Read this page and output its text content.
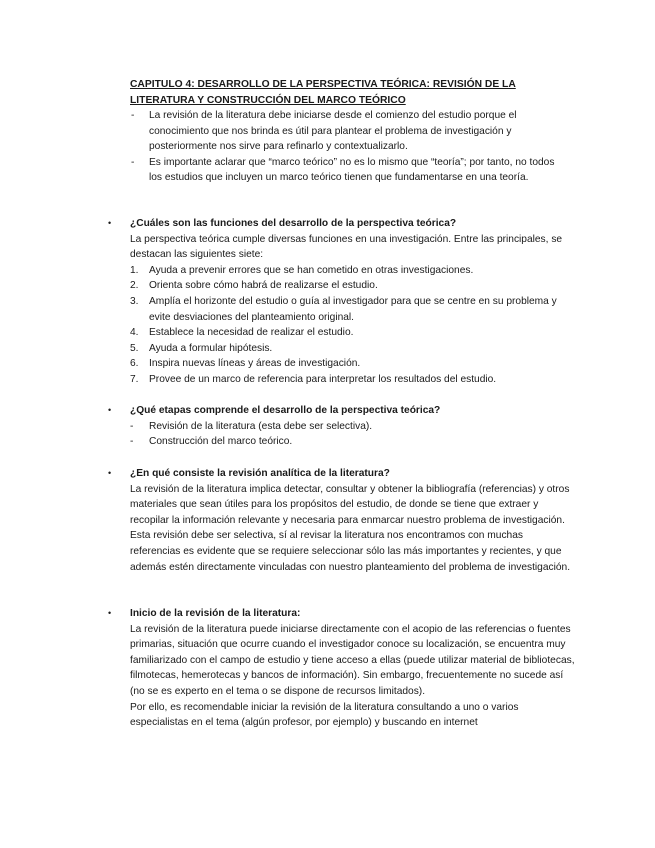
CAPITULO 4: DESARROLLO DE LA PERSPECTIVA TEÓRICA: REVISIÓN DE LA
LITERATURA Y CONSTRUCCIÓN DEL MARCO TEÓRICO
- La revisión de la literatura debe iniciarse desde el comienzo del estudio porque el conocimiento que nos brinda es útil para plantear el problema de investigación y posteriormente nos sirve para refinarlo y contextualizarlo.
- Es importante aclarar que “marco teórico” no es lo mismo que “teoría”; por tanto, no todos los estudios que incluyen un marco teórico tienen que fundamentarse en una teoría.
• ¿Cuáles son las funciones del desarrollo de la perspectiva teórica?

La perspectiva teórica cumple diversas funciones en una investigación. Entre las principales, se destacan las siguientes siete:

1. Ayuda a prevenir errores que se han cometido en otras investigaciones.
2. Orienta sobre cómo habrá de realizarse el estudio.
3. Amplía el horizonte del estudio o guía al investigador para que se centre en su problema y evite desviaciones del planteamiento original.
4. Establece la necesidad de realizar el estudio.
5. Ayuda a formular hipótesis.
6. Inspira nuevas líneas y áreas de investigación.
7. Provee de un marco de referencia para interpretar los resultados del estudio.
• ¿Qué etapas comprende el desarrollo de la perspectiva teórica?
- Revisión de la literatura (esta debe ser selectiva).
- Construcción del marco teórico.
• ¿En qué consiste la revisión analítica de la literatura?

La revisión de la literatura implica detectar, consultar y obtener la bibliografía (referencias) y otros materiales que sean útiles para los propósitos del estudio, de donde se tiene que extraer y recopilar la información relevante y necesaria para enmarcar nuestro problema de investigación. Esta revisión debe ser selectiva, sí al revisar la literatura nos encontramos con muchas referencias es evidente que se requiere seleccionar sólo las más importantes y recientes, y que además estén directamente vinculadas con nuestro planteamiento del problema de investigación.

• Inicio de la revisión de la literatura:

La revisión de la literatura puede iniciarse directamente con el acopio de las referencias o fuentes primarias, situación que ocurre cuando el investigador conoce su localización, se encuentra muy familiarizado con el campo de estudio y tiene acceso a ellas (puede utilizar material de bibliotecas, filmotecas, hemerotecas y bancos de información). Sin embargo, frecuentemente no sucede así (no se es experto en el tema o se dispone de recursos limitados).

Por ello, es recomendable iniciar la revisión de la literatura consultando a uno o varios especialistas en el tema (algún profesor, por ejemplo) y buscando en internet
